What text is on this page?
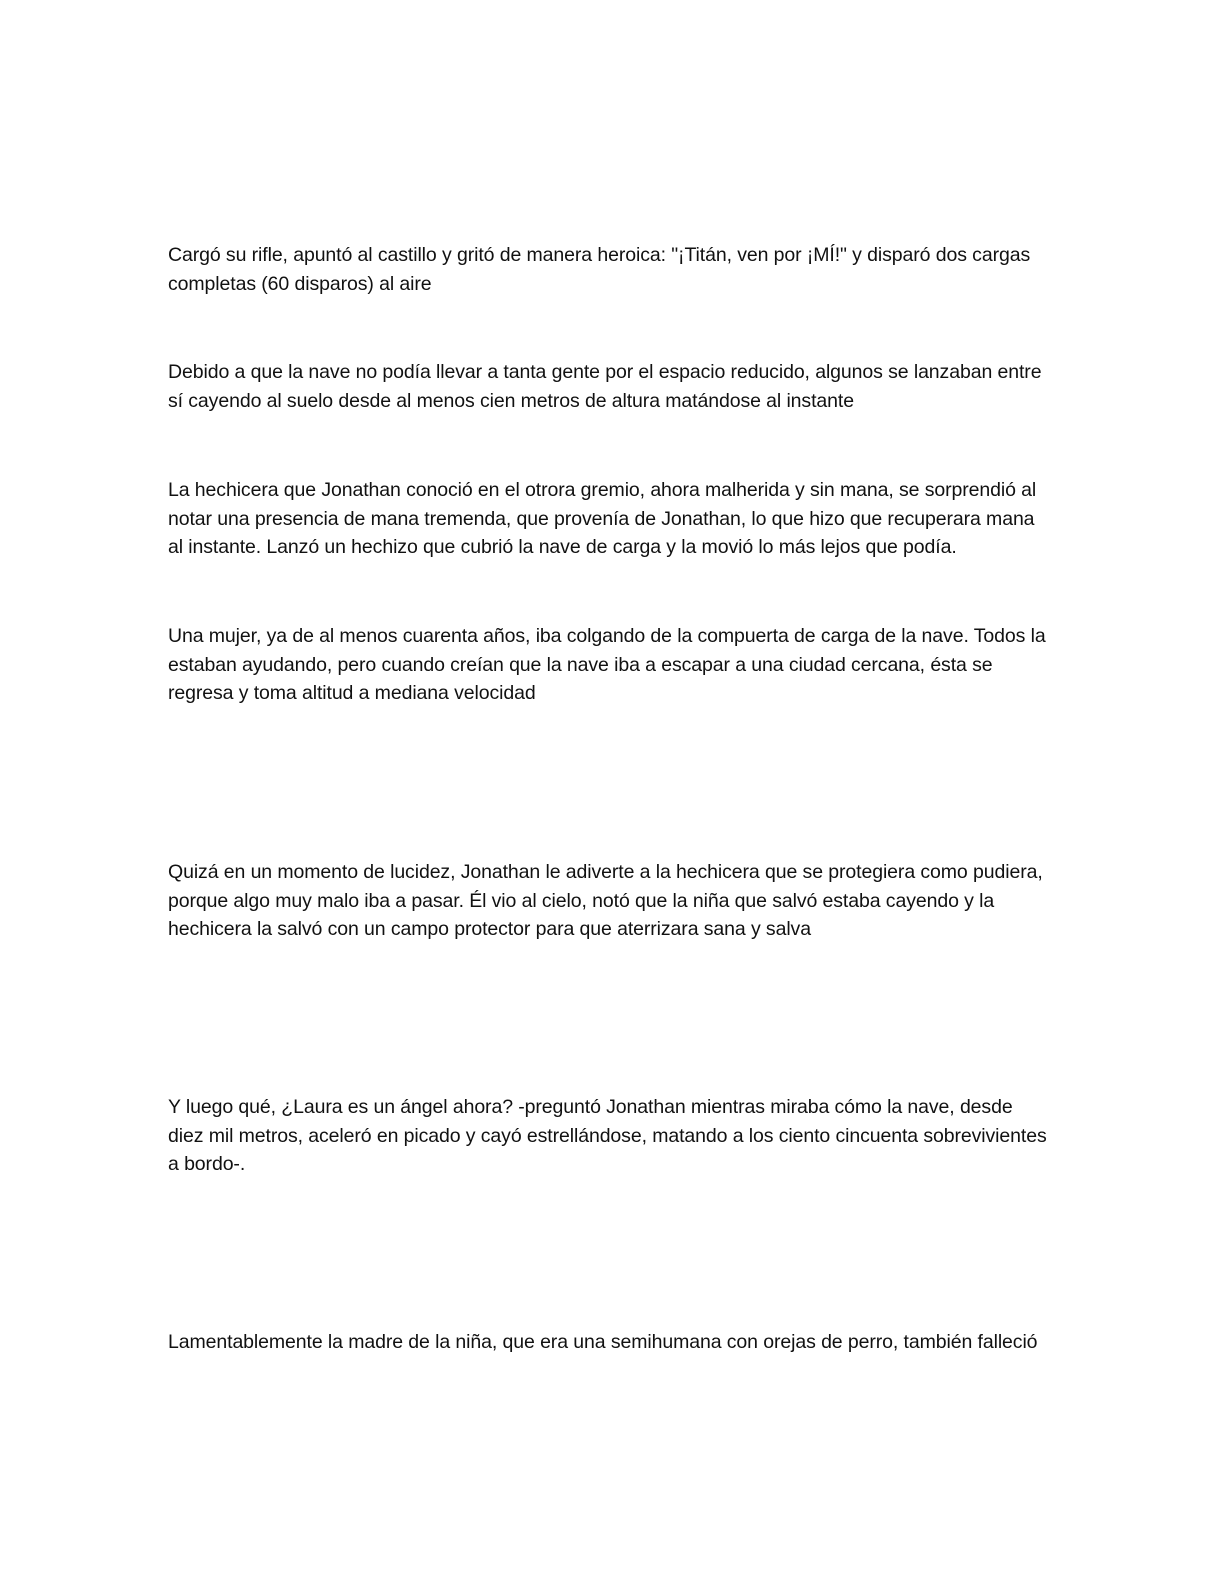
Cargó su rifle, apuntó al castillo y gritó de manera heroica: "¡Titán, ven por ¡MÍ!" y disparó dos cargas completas (60 disparos) al aire

Debido a que la nave no podía llevar a tanta gente por el espacio reducido, algunos se lanzaban entre sí cayendo al suelo desde al menos cien metros de altura matándose al instante

La hechicera que Jonathan conoció en el otrora gremio, ahora malherida y sin mana, se sorprendió al notar una presencia de mana tremenda, que provenía de Jonathan, lo que hizo que recuperara mana al instante. Lanzó un hechizo que cubrió la nave de carga y la movió lo más lejos que podía.

Una mujer, ya de al menos cuarenta años, iba colgando de la compuerta de carga de la nave. Todos la estaban ayudando, pero cuando creían que la nave iba a escapar a una ciudad cercana, ésta se regresa y toma altitud a mediana velocidad

Quizá en un momento de lucidez, Jonathan le adiverte a la hechicera que se protegiera como pudiera, porque algo muy malo iba a pasar. Él vio al cielo, notó que la niña que salvó estaba cayendo y la hechicera la salvó con un campo protector para que aterrizara sana y salva

Y luego qué, ¿Laura es un ángel ahora? -preguntó Jonathan mientras miraba cómo la nave, desde diez mil metros, aceleró en picado y cayó estrellándose, matando a los ciento cincuenta sobrevivientes a bordo-.

Lamentablemente la madre de la niña, que era una semihumana con orejas de perro, también falleció
